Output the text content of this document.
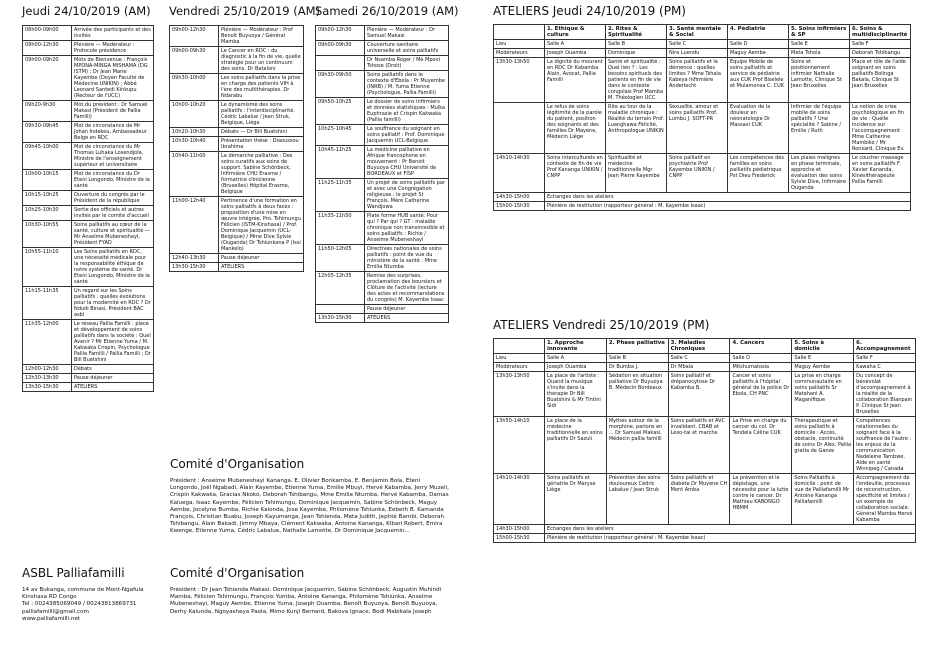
Jeudi 24/10/2019 (AM)
08h00-09h00	Arrivée des participants et des invités
09h00-12h30	Plénière — Modérateur : Protocole présidence
09h00-09h20	Mots de Bienvenue : François MPONA-MINGA MISHAMA (DG ISTM) ; Dr Jean Marie Kayembe (Doyen Faculté de Médecine UNIKIN) ; Abbé Leonard Santedi Kinkupu (Recteur de l'UCC)
09h20-9h30	Mot du président : Dr Samuel Makasi (Président de Pallia Familli)
09h30-09h45	Mot de circonstance de Mr Johan Indekeu, Ambassadeur Belge en RDC
09h45-10h00	Mot de circonstance du Mr Thomas Luhaka Losendjola, Ministre de l'enseignement supérieur et universitaire
10h00-10h15	Mot de circonstance du Dr Eteni Longondo, Ministre de la santé
10h15-10h25	Ouverture du congrès par le Président de la république
10h25-10h30	Sortie des officiels et autres invités par le comité d'accueil
10h30-10h55	Soins palliatifs au cœur de la santé, culture et spiritualité — Mr Anselme Mubeneshayi, Président FYAD
10h55-11h10	Les Soins palliatifs en RDC, une nécessité médicale pour la responsabilité éthique de notre système de santé. Dr Eteni Longondo, Ministre de la santé
11h15-11h35	Un regard sur les Soins palliatifs : quelles évolutions pour la modernité en RDC ? Dr Ndudi Binasi, Président BAC asbl
11h35-12h00	Le réseau Pallia Familli : place et développement de soins palliatifs dans la société : Quel Avenir ? Mr Etienne Yuma / M. Kakwaka Crispin, Psychologue Pallia Familli / Pallia Familli ; Dr Bill Buatshini
12h00-12h30	Débats
12h30-13h30	Pause déjeuner
13h30-15h30	ATELIERS
Vendredi 25/10/2019 (AM)
09h00-12h30	Plénière — Modérateur : Prof Benoit Buyuoya / Général Mamba
09h00-09h30	Le Cancer en RDC : du diagnostic à la fin de vie, quelle stratégie pour un continuum des soins. Dr Bataloni
09h30-10h00	Les soins palliatifs dans la prise en charge des patients VIH à l'ère des multithérapies. Dr Ndarabu
10h00-10h20	Le dynamisme des soins palliatifs : l'interdisciplinarité. Cédric Labalue / Jean Struk, Belgique, Liège
10h20-10h30	Débats — Dr Bill Buatshini
10h30-10h40	Présentation thèse : Diaoussou Ibrahima
10h40-11h00	La démarche palliative : Des soins curatifs aux soins de support. Sabine Schönbeck, Infirmière CHU Erasme / formatrice clinicienne (Bruxelles) Hôpital Erasme, Belgique
11h00-12h40	Pertinence d'une formation en soins palliatifs à deux faces : proposition d'une mise en œuvre intégrée. Pro. Tshimungu Félicien (ISTM-Kinshasa) / Prof. Dominique Jacquemin (UCL-Belgique) / Mme Dive Sylvie (Ouganda) Dr Tshiunkana P (Issi Mankelo)
12h40-13h30	Pause déjeuner
13h30-15h30	ATELIERS
Samedi 26/10/2019 (AM)
09h00-12h30	Plénière — Modérateur : Dr Samuel Makasi
09h00-09h30	Couverture sanitaire universelle et soins palliatifs
	Dr Nsamba Roger / Me Mpovi Tshose (Droit)
09h30-09h50	Soins palliatifs dans le contexte d'Ebola : Pr Muyembe (INRB) / M. Yuma Etienne (Psychologue, Pallia Familli)
09h50-10h25	Le dossier de soins infirmiers et données statistiques : Mulka Euphrasie et Crispin Kakwaka (Pallia familli)
10h25-10h45	La souffrance du soignant en soins palliatif : Prof. Dominique Jacquemin UCL-Belgique
10h45-11h25	La médicine palliative en Afrique francophone en mouvement : Pr Benoit Buyuoya CHU Université de BORDEAUX et FISP
11h25-11h35	Un projet de soins palliatifs par et avec une Congrégation religieuse : le projet St François. Mère Catherine Wandjowa
11h35-11h50	Plate forme HUB santé. Pour qui ? Par qui ? GT : maladie chronique non transmissible et soins palliatifs : Richie / Anselme Mubeneshayi
11h50-12h05	Directives nationales de soins palliatifs : point de vue du ministère de la santé : Mme Emilia Ntumba
12h05-12h35	Remise des surprises, proclamation des boursiers et Clôture de l'activité (lecture des actes et recommandations du congrès) M. Kayembe Isaac
	Pause déjeuner
13h30-15h30	ATELIERS
Comité d'Organisation
Président : Anselme Mubeneshayi Kananga. E. Olivier Bonkamba, E. Benjamin Bola, Eteni Longondo, Joël Ngabadi, Alain Kayembe, Etienne Yuma, Emilie Mbuyi, Hervé Kabamba, Jerry Muzeli, Crispin Kakwaka, Gracias Nkoko, Deborah Tshibangu, Mme Emilia Ntumba, Hervé Kabamba, Damas Kaluega, Isaac Kayembe, Félicien Tshimungu, Dominique Jacquemin, Sabine Schönbeck, Maguy Aembe, Jocelyne Bumba, Richie Kalonda, Jose Kayembe, Philomène Tshiunka, Eebeth B. Kamanda François, Christian Buabu, Joseph Kayumanga, Jean Tshienda, Meta Judith, Jephté Bambi, Deborah Tshibangu, Alain Bakadi, Jimmy Mbaya, Clément Kakwaka, Antoine Kananga, Kibari Robert, Emira Kwenge, Etienne Yuma, Cédric Labalue, Nathalie Lamotte, Dr Dominique Jacquemin...
Comité d'Organisation
Président : Dr Jean Tshienda Makasi. Dominique Jacquemin, Sabine Schönbeck, Augustin Muhindi Mamba, Félicien Tshimungu, François Yumba, Antoine Kananga, Philomène Tshiunka, Anselme Mubeneshayi, Maguy Aembe, Etienne Yuma, Joseph Ouamba, Benoît Buyuoya, Benoît Buyuoya, Derhy Kalunda, Ngoyasheya Paola, Mimo Kunji Bernard, Bakova Ignace, Bodi Mabikala Joseph
ASBL Palliafamilli

14 av Bukanga, commune de Mont-Ngafula

Kinshasa RD Congo

Tel : 0024385069049 / 00243813869731

palliafamilli@gmail.com

www.palliafamilli.net

ATELIERS Jeudi 24/10/2019 (PM)
	1. Ethique & culture	2. Rites & Spiritualité	3. Santé mentale & Social	4. Pédiatrie	5. Soins infirmiers & SP	6. Soins & multidisciplinarité
Lieu	Salle A	Salle B	Salle C	Salle D	Salle E	Salle F
Modérateurs	Joseph Ouamba	Dominique	Nira Luendu	Maguy Aembe	Meta Tshola	Deborah Tshibangu
13h30-13h50	La dignité du mourant en RDC Dr Kabamba Alain, Avocat, Pallia Familli	Santé et spiritualité : Quel lien ? : Les besoins spirituels des patients en fin de vie dans le contexte congolais Prof Mamba M. Théologien UCC	Soins palliatifs et la démence : quelles limites ? Mme Tshala Kabeya Infirmière Anderlecht	Equipe Mobile de soins palliatifs et service de pédiatrie aux CUK Prof Biselele et Mulamonsa C. CUK	Soins et positionnement infirmier Nathalie Lamotte, Clinique St Jean Bruxelles	Place et rôle de l'aide soignant en soins palliatifs Bolinga Bakala, Clinique St Jean Bruxelles
	Le refus de soins légitimité de la parole du patient, position des soignants et des familles Dr Mayene, Médecin Liège	Rite au tour de la maladie chronique : Réalité du terrain Prof. Luanghawa Félicité, Anthropologue UNIKIN	Sexualité, amour et soins palliatifs Prof. Lumbu J. SOFT-PR	Evaluation de la douleur en néonatologie Dr Massavi CUK	Infirmier de l'équipe mobile de soins palliatifs ? Une spécialité ? Sabine / Emilie / Ruth	La notion de crise psychologique en fin de vie : Quelle incidence sur l'accompagnement Mme Catherine Mambiko / Mr Ronsard, Clinique Ev.
14h10-14h30	Soins interculturels en contexte de fin de vie Prof Kananga UNIKIN / CNPP	Spiritualité et médecine traditionnelle Mgr Jean Pierre Kayembe	Soins palliatif en psychiatrie Prof Kayembe UNIKIN / CNPP	Les compétences des familles en soins palliatifs pédiatrique Pst Dieu Frederick	Les plaies malignes en phase terminale, approche et évaluation des soins Sylvie Dive, Infirmière Ouganda	Le coucher massage en soins palliatifs F. Xavier Kananda, Kinésithérapeute Pallia Familli
14h30-15h00	Echanges dans les ateliers					
15h00-15h30	Plénière de restitution (rapporteur général : M. Kayembe Isaac)					
ATELIERS Vendredi 25/10/2019 (PM)
	1. Approche innovante	2. Phase palliative	3. Maladies Chroniques	4. Cancers	5. Soins à domicile	6. Accompagnement
Lieu	Salle A	Salle B	Salle C	Salle D	Salle E	Salle F
Modérateurs	Joseph Ouamba	Dr Bumba J.	Dr Mbala	Mitshumatosia	Maguy Aembe	Kawaha C
13h30-13h50	La place de l'artiste : Quand la musique s'invite dans la thérapie Dr Bill Buatshini & Mr Tintini Sidi	Sédation en situation palliative Dr Buyuoya B. Médecin Bordeaux	Soins palliatif et drépanocytose Dr Kabamba B.	Cancer et soins palliatifs à l'hôpital général de la police Dr Ebola, CH PNC	La prise en charge communautaire en soins palliatifs Sr Matahani A. Maganifique	Du concept de bénévolat d'accompagnement à la réalité de la collaboration Blanpain P. Clinique St Jean Bruxelles
13h50-14h10	La place de la médecine traditionnelle en soins palliatifs Dr Sazuli	Mythes autour de la morphine, parlons en ... Dr Samuel Makasi, Médecin pallia familli	Soins palliatifs et AVC invalidant. CBAB et Lexo-tai et marche	La Prise en charge du cancer du col. Dr Tendela Céline CUK	Thérapeutique et soins palliatifs à domicile : Accès, obstacle, continuité de soins Dr Alex, Pallia gratia de Ganze	Compétences relationnelles du soignant face à la souffrance de l'autre : les enjeux de la communication Nadeleine Tambwe, Aide en santé Winnipeg / Canada
14h10-14h30	Soins palliatifs et gériatrie Dr Maryse Liège	Prévention des soins douloureux Cédric Labalue / Jean Struk	Soins palliatifs et diabète Dr Muyene CH Mont Amba	La prévention et le dépistage, une nécessité pour la lutte contre le cancer. Dr Mathieu KABONGO HBMM	Soins Palliatifs à domicile : point de vue de Palliafamilli Mr Antoine Kananga Palliafamilli	Accompagnement de l'endeuille, processus de reconstruction, spécificité et limites / un exemple de collaboration sociale. Général Mamba Hervé Kabamba
14h30-15h00	Echanges dans les ateliers					
15h00-15h30	Plénière de restitution (rapporteur général : M. Kayembe Isaac)					
